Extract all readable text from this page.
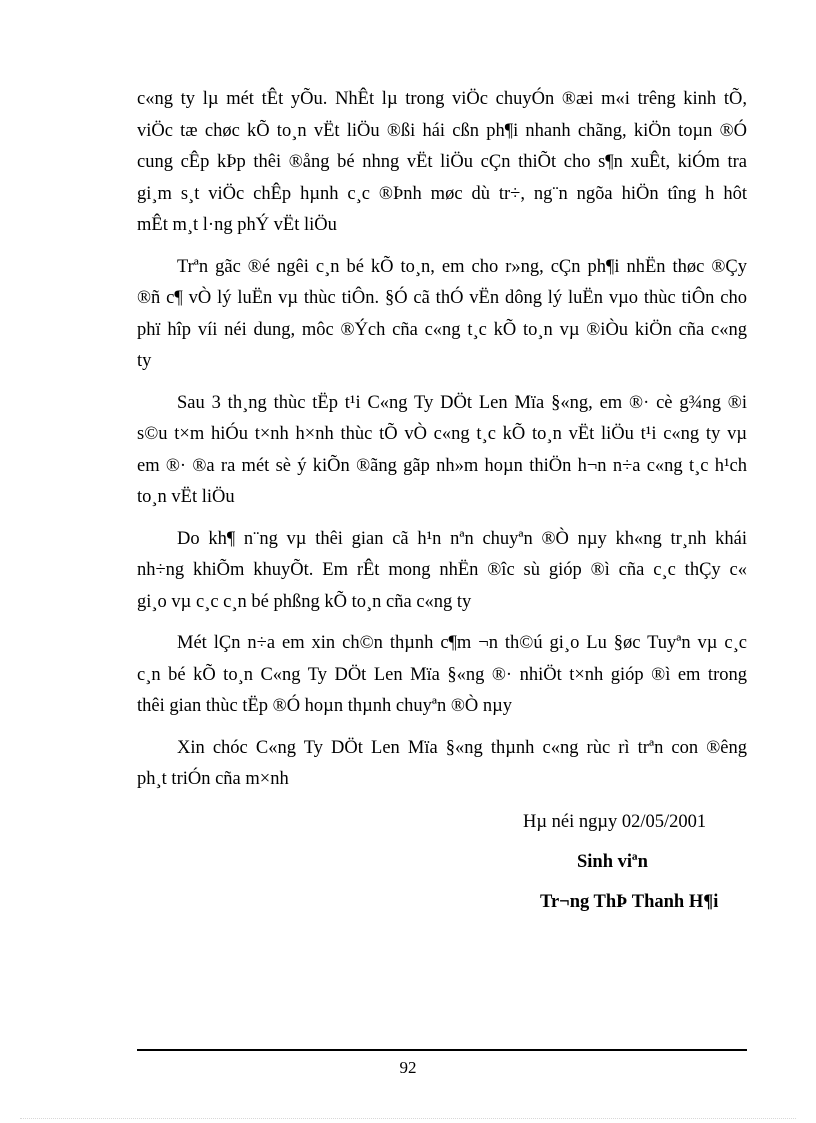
c«ng ty lµ mét tÊt yÕu. NhÊt lµ trong viÖc chuyÓn ®æi m«i trêng kinh tÕ,
viÖc tæ chøc kÕ to¸n vËt liÖu ®ßi hái cßn ph¶i nhanh chãng, kiÖn toµn ®Ó
cung cÊp kÞp thêi ®ång bé nhng vËt liÖu cÇn thiÕt cho s¶n xuÊt, kiÓm tra
gi¸m s¸t viÖc chÊp hµnh c¸c ®Þnh møc dù tr÷, ng¨n ngõa hiÖn tîng h hôt
mÊt m¸t l·ng phÝ vËt liÖu

Trªn gãc ®é ngêi c¸n bé kÕ to¸n, em cho r»ng, cÇn ph¶i nhËn thøc ®Çy
®ñ c¶ vÒ lý luËn vµ thùc tiÔn. §Ó cã thÓ vËn dông lý luËn vµo thùc tiÔn cho
phï hîp víi néi dung, môc ®Ých cña c«ng t¸c kÕ to¸n vµ ®iÒu kiÖn cña c«ng
ty

Sau 3 th¸ng thùc tËp t¹i C«ng Ty DÖt Len Mïa §«ng, em ®· cè g¾ng ®i
s©u t×m hiÓu t×nh h×nh thùc tÕ vÒ c«ng t¸c kÕ to¸n vËt liÖu t¹i c«ng ty vµ
em ®· ®a ra mét sè ý kiÕn ®ãng gãp nh»m hoµn thiÖn h¬n n÷a c«ng t¸c h¹ch
to¸n vËt liÖu

Do kh¶ n¨ng vµ thêi gian cã h¹n nªn chuyªn ®Ò nµy kh«ng tr¸nh khái
nh÷ng khiÕm khuyÕt. Em rÊt mong nhËn ®îc sù gióp ®ì cña c¸c thÇy c«
gi¸o vµ c¸c c¸n bé phßng kÕ to¸n cña c«ng ty

Mét lÇn n÷a em xin ch©n thµnh c¶m ¬n th©ú gi¸o Lu §øc Tuyªn vµ c¸c
c¸n bé kÕ to¸n C«ng Ty DÖt Len Mïa §«ng ®· nhiÖt t×nh gióp ®ì em trong
thêi gian thùc tËp ®Ó hoµn thµnh chuyªn ®Ò nµy

Xin chóc C«ng Ty DÖt Len Mïa §«ng thµnh c«ng rùc rì trªn con ®êng
ph¸t triÓn cña m×nh

Hµ néi ngµy 02/05/2001
Sinh viªn
Tr¬ng ThÞ Thanh H¶i
92
